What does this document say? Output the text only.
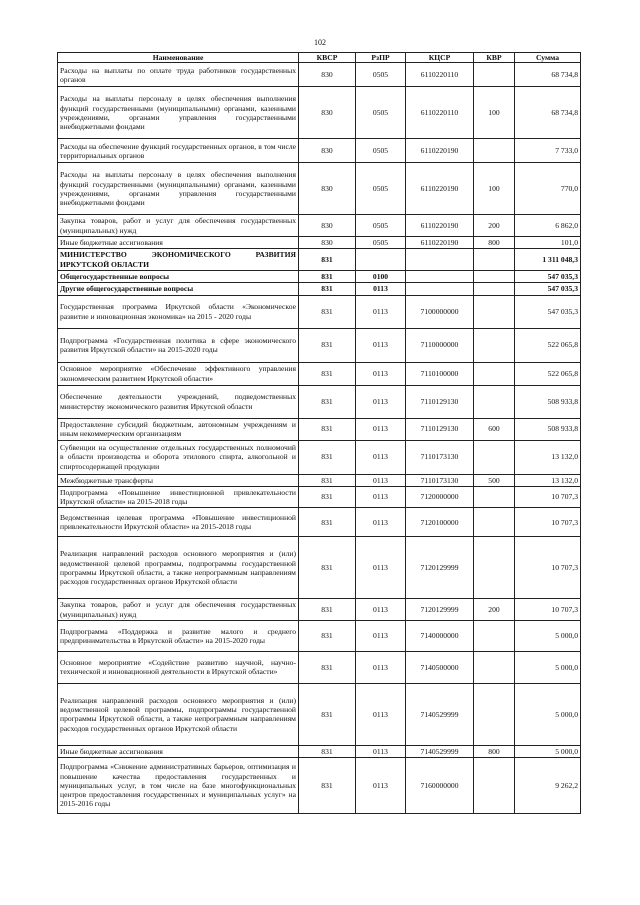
102
Наименование	КВСР	РзПР	КЦСР	КВР	Сумма
Расходы на выплаты по оплате труда работников государственных органов	830	0505	6110220110		68 734,8
Расходы на выплаты персоналу в целях обеспечения выполнения функций государственными (муниципальными) органами, казенными учреждениями, органами управления государственными внебюджетными фондами	830	0505	6110220110	100	68 734,8
Расходы на обеспечение функций государственных органов, в том числе территориальных органов	830	0505	6110220190		7 733,0
Расходы на выплаты персоналу в целях обеспечения выполнения функций государственными (муниципальными) органами, казенными учреждениями, органами управления государственными внебюджетными фондами	830	0505	6110220190	100	770,0
Закупка товаров, работ и услуг для обеспечения государственных (муниципальных) нужд	830	0505	6110220190	200	6 862,0
Иные бюджетные ассигнования	830	0505	6110220190	800	101,0
МИНИСТЕРСТВО ЭКОНОМИЧЕСКОГО РАЗВИТИЯ ИРКУТСКОЙ ОБЛАСТИ	831				1 311 048,3
Общегосударственные вопросы	831	0100			547 035,3
Другие общегосударственные вопросы	831	0113			547 035,3
Государственная программа Иркутской области «Экономическое развитие и инновационная экономика» на 2015 - 2020 годы	831	0113	7100000000		547 035,3
Подпрограмма «Государственная политика в сфере экономического развития Иркутской области» на 2015-2020 годы	831	0113	7110000000		522 065,8
Основное мероприятие «Обеспечение эффективного управления экономическим развитием Иркутской области»	831	0113	7110100000		522 065,8
Обеспечение деятельности учреждений, подведомственных министерству экономического развития Иркутской области	831	0113	7110129130		508 933,8
Предоставление субсидий бюджетным, автономным учреждениям и иным некоммерческим организациям	831	0113	7110129130	600	508 933,8
Субвенции на осуществление отдельных государственных полномочий в области производства и оборота этилового спирта, алкогольной и спиртосодержащей продукции	831	0113	7110173130		13 132,0
Межбюджетные трансферты	831	0113	7110173130	500	13 132,0
Подпрограмма «Повышение инвестиционной привлекательности Иркутской области» на 2015-2018 годы	831	0113	7120000000		10 707,3
Ведомственная целевая программа «Повышение инвестиционной привлекательности Иркутской области» на 2015-2018 годы	831	0113	7120100000		10 707,3
Реализация направлений расходов основного мероприятия и (или) ведомственной целевой программы, подпрограммы государственной программы Иркутской области, а также непрограммным направлениям расходов государственных органов Иркутской области	831	0113	7120129999		10 707,3
Закупка товаров, работ и услуг для обеспечения государственных (муниципальных) нужд	831	0113	7120129999	200	10 707,3
Подпрограмма «Поддержка и развитие малого и среднего предпринимательства в Иркутской области» на 2015-2020 годы	831	0113	7140000000		5 000,0
Основное мероприятие «Содействие развитию научной, научно-технической и инновационной деятельности в Иркутской области»	831	0113	7140500000		5 000,0
Реализация направлений расходов основного мероприятия и (или) ведомственной целевой программы, подпрограммы государственной программы Иркутской области, а также непрограммным направлениям расходов государственных органов Иркутской области	831	0113	7140529999		5 000,0
Иные бюджетные ассигнования	831	0113	7140529999	800	5 000,0
Подпрограмма «Снижение административных барьеров, оптимизация и повышение качества предоставления государственных и муниципальных услуг, в том числе на базе многофункциональных центров предоставления государственных и муниципальных услуг» на 2015-2016 годы	831	0113	7160000000		9 262,2
